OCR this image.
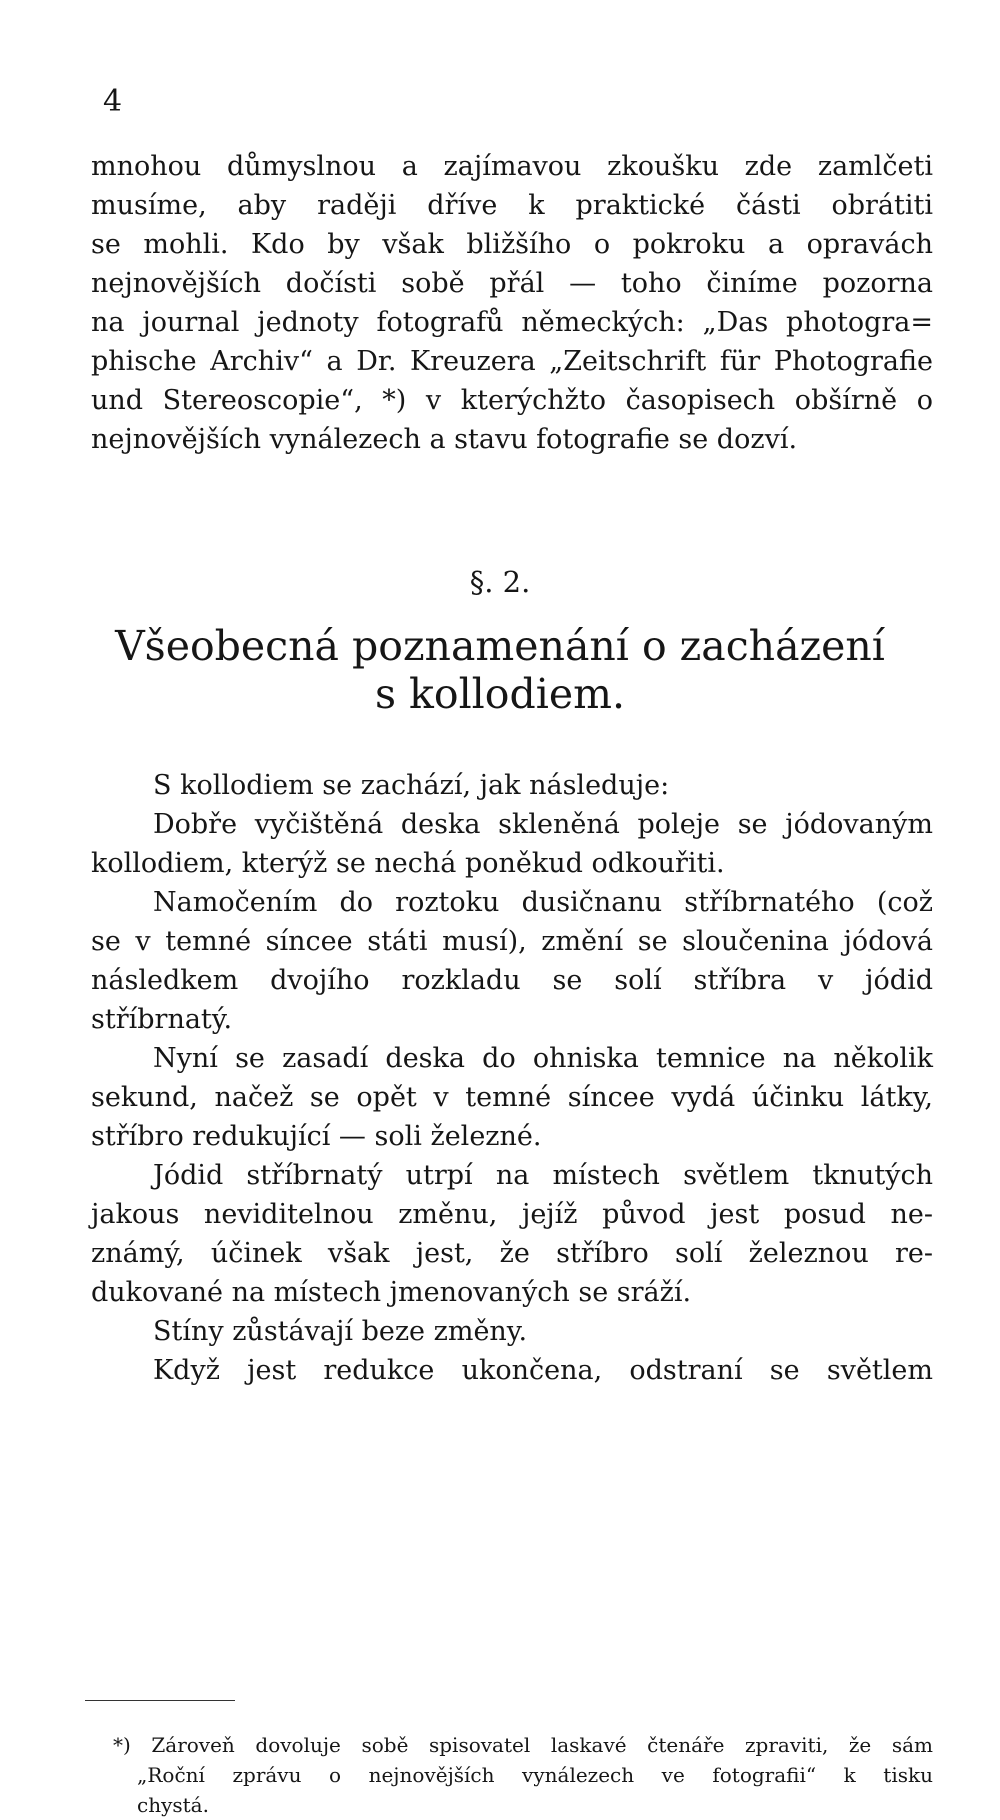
4
mnohou důmyslnou a zajímavou zkoušku zde zamlčeti
musíme, aby raději dříve k praktické části obrátiti
se mohli. Kdo by však bližšího o pokroku a opravách
nejnovějších dočísti sobě přál — toho činíme pozorna
na journal jednoty fotografů německých: „Das photogra=
phische Archiv“ a Dr. Kreuzera „Zeitschrift für Photografie
und Stereoscopie“, *) v kterýchžto časopisech obšírně o
nejnovějších vynálezech a stavu fotografie se dozví.
§. 2.
Všeobecná poznamenání o zacházení
s kollodiem.
S kollodiem se zachází, jak následuje:
Dobře vyčištěná deska skleněná poleje se jódovaným
kollodiem, kterýž se nechá poněkud odkouřiti.
Namočením do roztoku dusičnanu stříbrnatého (což
se v temné síncee státi musí), změní se sloučenina jódová
následkem dvojího rozkladu se solí stříbra v jódid
stříbrnatý.
Nyní se zasadí deska do ohniska temnice na několik
sekund, načež se opět v temné síncee vydá účinku látky,
stříbro redukující — soli železné.
Jódid stříbrnatý utrpí na místech světlem tknutých
jakous neviditelnou změnu, jejíž původ jest posud ne-
známý, účinek však jest, že stříbro solí železnou re-
dukované na místech jmenovaných se sráží.
Stíny zůstávají beze změny.
Když jest redukce ukončena, odstraní se světlem
*) Zároveň dovoluje sobě spisovatel laskavé čtenáře zpraviti, že sám
„Roční zprávu o nejnovějších vynálezech ve fotografii“ k tisku
chystá.
